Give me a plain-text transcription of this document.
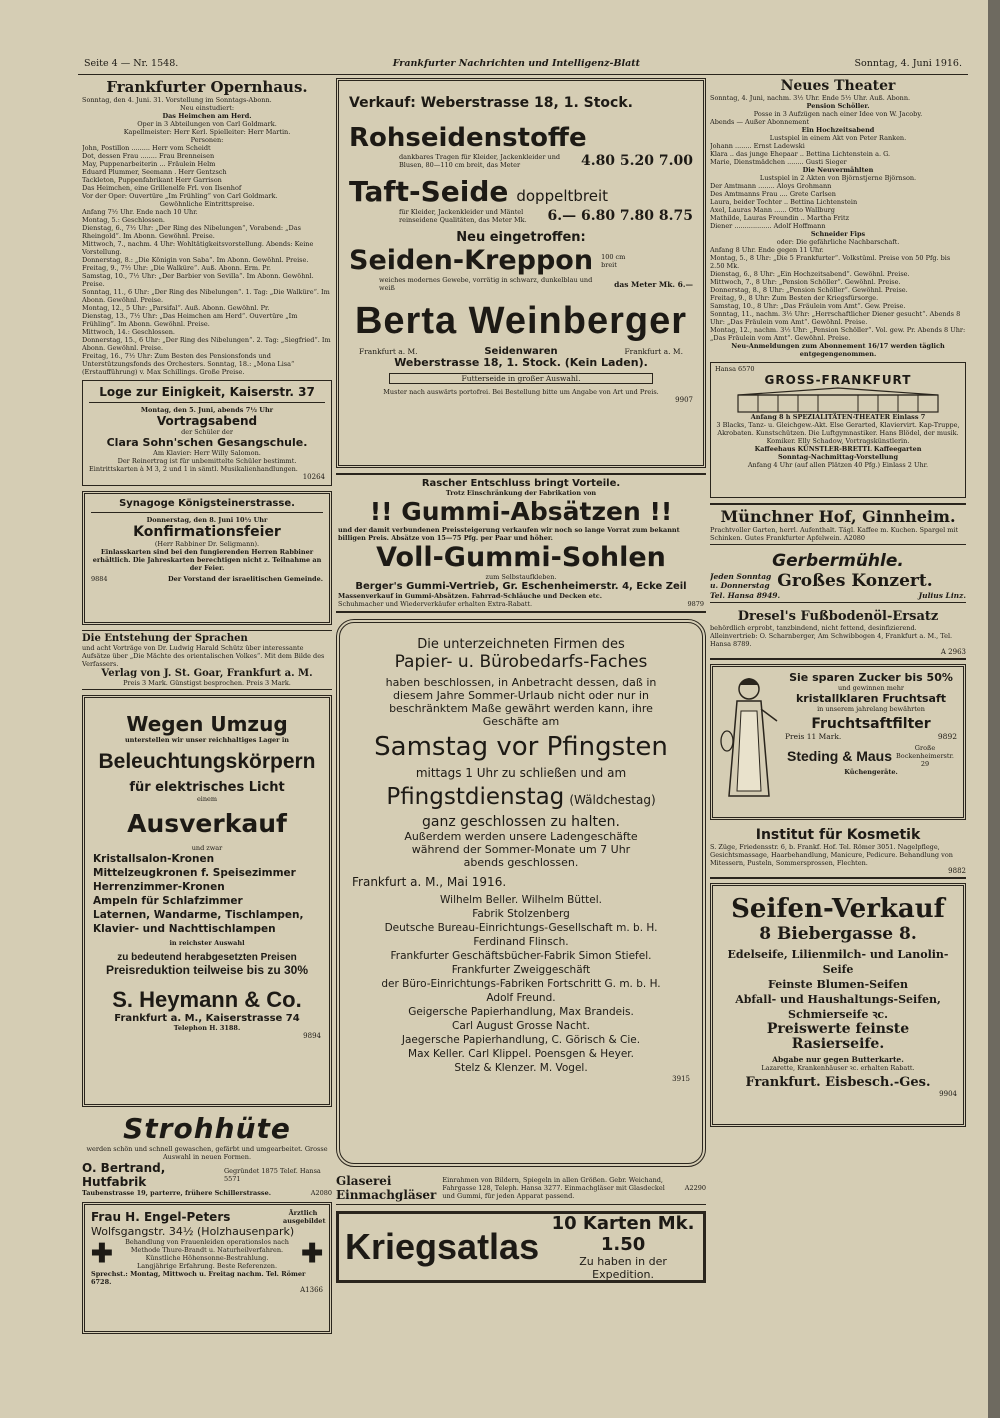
Seite 4 — Nr. 1548.	Frankfurter Nachrichten und Intelligenz-Blatt	Sonntag, 4. Juni 1916.
Frankfurter Opernhaus.
Sonntag, den 4. Juni. 31. Vorstellung im Sonntags-Abonn.
Neu einstudiert:
Das Heimchen am Herd.
Oper in 3 Abteilungen von Carl Goldmark.
Kapellmeister: Herr Kerl. Spielleiter: Herr Martin.
Personen:
John, Postillon ......... Herr vom Scheidt
Dot, dessen Frau ........ Frau Brenneisen
May, Puppenarbeiterin ... Fräulein Helm
Eduard Plummer, Seemann . Herr Gentzsch
Tackleton, Puppenfabrikant Herr Garrison
Das Heimchen, eine Grillenelfe Frl. von Ilsenhof
Vor der Oper: Ouvertüre „Im Frühling“ von Carl Goldmark.
Gewöhnliche Eintrittspreise.
Anfang 7½ Uhr. Ende nach 10 Uhr.
Montag, 5.: Geschlossen.
Dienstag, 6., 7½ Uhr: „Der Ring des Nibelungen“, Vorabend: „Das Rheingold“. Im Abonn. Gewöhnl. Preise.
Mittwoch, 7., nachm. 4 Uhr: Wohltätigkeitsvorstellung. Abends: Keine Vorstellung.
Donnerstag, 8.: „Die Königin von Saba“. Im Abonn. Gewöhnl. Preise.
Freitag, 9., 7½ Uhr: „Die Walküre“. Auß. Abonn. Erm. Pr.
Samstag, 10., 7½ Uhr: „Der Barbier von Sevilla“. Im Abonn. Gewöhnl. Preise.
Sonntag, 11., 6 Uhr: „Der Ring des Nibelungen“. 1. Tag: „Die Walküre“. Im Abonn. Gewöhnl. Preise.
Montag, 12., 5 Uhr: „Parsifal“. Auß. Abonn. Gewöhnl. Pr.
Dienstag, 13., 7½ Uhr: „Das Heimchen am Herd“. Ouvertüre „Im Frühling“. Im Abonn. Gewöhnl. Preise.
Mittwoch, 14.: Geschlossen.
Donnerstag, 15., 6 Uhr: „Der Ring des Nibelungen“. 2. Tag: „Siegfried“. Im Abonn. Gewöhnl. Preise.
Freitag, 16., 7½ Uhr: Zum Besten des Pensionsfonds und Unterstützungsfonds des Orchesters. Sonntag, 18.: „Mona Lisa“ (Erstaufführung) v. Max Schillings. Große Preise.
Loge zur Einigkeit, Kaiserstr. 37
Montag, den 5. Juni, abends 7½ Uhr
Vortragsabend
der Schüler der
Clara Sohn'schen Gesangschule.
Am Klavier: Herr Willy Salomon.
Der Reinertrag ist für unbemittelte Schüler bestimmt.
Eintrittskarten à M 3, 2 und 1 in sämtl. Musikalienhandlungen.
10264
Synagoge Königsteinerstrasse.
Donnerstag, den 8. Juni 10½ Uhr
Konfirmationsfeier
(Herr Rabbiner Dr. Seligmann).
Einlasskarten sind bei den fungierenden Herren Rabbiner erhältlich. Die Jahreskarten berechtigen nicht z. Teilnahme an der Feier.
9884	Der Vorstand der israelitischen Gemeinde.
Die Entstehung der Sprachen
und acht Vorträge von Dr. Ludwig Harald Schütz über interessante Aufsätze über „Die Mächte des orientalischen Volkes“. Mit dem Bilde des Verfassers.
Verlag von J. St. Goar, Frankfurt a. M.
Preis 3 Mark. Günstigst besprochen. Preis 3 Mark.
Wegen Umzug
unterstellen wir unser reichhaltiges Lager in
Beleuchtungskörpern
für elektrisches Licht
einem
Ausverkauf
und zwar
Kristallsalon-Kronen
Mittelzeugkronen f. Speisezimmer
Herrenzimmer-Kronen
Ampeln für Schlafzimmer
Laternen, Wandarme, Tischlampen, Klavier- und Nachttischlampen
in reichster Auswahl
zu bedeutend herabgesetzten Preisen
Preisreduktion teilweise bis zu 30%
S. Heymann & Co.
Frankfurt a. M., Kaiserstrasse 74
Telephon H. 3188.
9894
Strohhüte
werden schön und schnell gewaschen, gefärbt und umgearbeitet. Grosse Auswahl in neuen Formen.
O. Bertrand, Hutfabrik
Gegründet 1875 Telef. Hansa 5571
Taubenstrasse 19, parterre, frühere Schillerstrasse.	A2080
Frau H. Engel-Peters	Ärztlich ausgebildet
Wolfsgangstr. 34½ (Holzhausenpark)
✚	Behandlung von Frauenleiden operationslos nach Methode Thure-Brandt u. Naturheilverfahren.
Künstliche Höhensonne-Bestrahlung.
Langjährige Erfahrung. Beste Referenzen. ✚
Sprechst.: Montag, Mittwoch u. Freitag nachm. Tel. Römer 6728.
A1366
Verkauf: Weberstrasse 18, 1. Stock.
Rohseidenstoffe
dankbares Tragen für Kleider, Jackenkleider und Blusen, 80—110 cm breit, das Meter	4.80 5.20 7.00
Taft-Seide doppeltbreit
für Kleider, Jackenkleider und Mäntel reinseidene Qualitäten, das Meter Mk.	6.— 6.80 7.80 8.75
Neu eingetroffen:
Seiden-Kreppon 100 cm breit
weiches modernes Gewebe, vorrätig in schwarz, dunkelblau und weiß	das Meter Mk. 6.—
Berta Weinberger
Frankfurt a. M.	Seidenwaren	Frankfurt a. M.
Weberstrasse 18, 1. Stock. (Kein Laden).
Futterseide in großer Auswahl.
Muster nach auswärts portofrei. Bei Bestellung bitte um Angabe von Art und Preis.
9907
Rascher Entschluss bringt Vorteile.
Trotz Einschränkung der Fabrikation von
!! Gummi-Absätzen !!
und der damit verbundenen Preissteigerung verkaufen wir noch so lange Vorrat zum bekannt billigen Preis. Absätze von 15—75 Pfg. per Paar und höher.
Voll-Gummi-Sohlen
zum Selbstaufkleben.
Berger's Gummi-Vertrieb, Gr. Eschenheimerstr. 4, Ecke Zeil
Massenverkauf in Gummi-Absätzen. Fahrrad-Schläuche und Decken etc.
Schuhmacher und Wiederverkäufer erhalten Extra-Rabatt.	9879
Die unterzeichneten Firmen des
Papier- u. Bürobedarfs-Faches
haben beschlossen, in Anbetracht dessen, daß in diesem Jahre Sommer-Urlaub nicht oder nur in beschränktem Maße gewährt werden kann, ihre Geschäfte am
Samstag vor Pfingsten
mittags 1 Uhr zu schließen und am
Pfingstdienstag (Wäldchestag)
ganz geschlossen zu halten.
Außerdem werden unsere Ladengeschäfte während der Sommer-Monate um 7 Uhr abends geschlossen.
Frankfurt a. M., Mai 1916.
Wilhelm Beller. Wilhelm Büttel.
Fabrik Stolzenberg
Deutsche Bureau-Einrichtungs-Gesellschaft m. b. H.
Ferdinand Flinsch.
Frankfurter Geschäftsbücher-Fabrik Simon Stiefel.
Frankfurter Zweiggeschäft
der Büro-Einrichtungs-Fabriken Fortschritt G. m. b. H.
Adolf Freund.
Geigersche Papierhandlung, Max Brandeis.
Carl August Grosse Nacht.
Jaegersche Papierhandlung, C. Görisch & Cie.
Max Keller. Carl Klippel. Poensgen & Heyer.
Stelz & Klenzer. M. Vogel.
3915
Glaserei
Einmachgläser
Einrahmen von Bildern, Spiegeln in allen Größen. Gebr. Weichand, Fahrgasse 128, Teleph. Hansa 3277. Einmachgläser mit Glasdeckel und Gummi, für jeden Apparat passend.
A2290
Kriegsatlas
10 Karten Mk. 1.50
Zu haben in der Expedition.
Neues Theater
Sonntag, 4. Juni, nachm. 3½ Uhr. Ende 5½ Uhr. Auß. Abonn.
Pension Schöller.
Posse in 3 Aufzügen nach einer Idee von W. Jacoby.
Abends — Außer Abonnement
Ein Hochzeitsabend
Lustspiel in einem Akt von Peter Ranken.
Johann ........ Ernst Ladewski
Klara .. das junge Ehepaar .. Bettina Lichtenstein a. G.
Marie, Dienstmädchen ........ Gusti Sieger
Die Neuvermählten
Lustspiel in 2 Akten von Björnstjerne Björnson.
Der Amtmann ........ Aloys Grohmann
Des Amtmanns Frau .... Grete Carlsen
Laura, beider Tochter .. Bettina Lichtenstein
Axel, Lauras Mann ...... Otto Wallburg
Mathilde, Lauras Freundin .. Martha Fritz
Diener .................. Adolf Hoffmann
Schneider Fips
oder: Die gefährliche Nachbarschaft.
Anfang 8 Uhr. Ende gegen 11 Uhr.
Montag, 5., 8 Uhr: „Die 5 Frankfurter“. Volkstüml. Preise von 50 Pfg. bis 2.50 Mk.
Dienstag, 6., 8 Uhr: „Ein Hochzeitsabend“. Gewöhnl. Preise.
Mittwoch, 7., 8 Uhr: „Pension Schöller“. Gewöhnl. Preise.
Donnerstag, 8., 8 Uhr: „Pension Schöller“. Gewöhnl. Preise.
Freitag, 9., 8 Uhr: Zum Besten der Kriegsfürsorge.
Samstag, 10., 8 Uhr: „Das Fräulein vom Amt“. Gew. Preise.
Sonntag, 11., nachm. 3½ Uhr: „Herrschaftlicher Diener gesucht“. Abends 8 Uhr: „Das Fräulein vom Amt“. Gewöhnl. Preise.
Montag, 12., nachm. 3½ Uhr: „Pension Schöller“. Vol. gew. Pr. Abends 8 Uhr: „Das Fräulein vom Amt“. Gewöhnl. Preise.
Neu-Anmeldungen zum Abonnement 16/17 werden täglich entgegengenommen.
Hansa 6570
GROSS-FRANKFURT
Anfang 8 h SPEZIALITÄTEN-THEATER Einlass 7
3 Blacks, Tanz- u. Gleichgew.-Akt. Else Gerarted, Klaviervirt. Kap-Truppe, Akrobaten. Kunstschützen. Die Luftgymnastiker. Hans Blödel, der musik. Komiker. Elly Schadow, Vortragskünstlerin.
Kaffeehaus KÜNSTLER-BRETTL Kaffeegarten
Sonntag-Nachmittag-Vorstellung
Anfang 4 Uhr (auf allen Plätzen 40 Pfg.) Einlass 2 Uhr.
Münchner Hof, Ginnheim.
Prachtvoller Garten, herrl. Aufenthalt. Tägl. Kaffee m. Kuchen. Spargel mit Schinken. Gutes Frankfurter Apfelwein. A2080
Gerbermühle.
Jeden Sonntag
u. Donnerstag Großes Konzert.
Tel. Hansa 8949.	Julius Linz.
Dresel's Fußbodenöl-Ersatz
behördlich erprobt, tanzbindend, nicht fettend, desinfizierend. Alleinvertrieb: O. Scharnberger, Am Schwibbogen 4, Frankfurt a. M., Tel. Hansa 8789.
A 2963
Sie sparen Zucker bis 50%
und gewinnen mehr
kristallklaren Fruchtsaft
in unserem jahrelang bewährten
Fruchtsaftfilter
Preis 11 Mark.	9892
Steding & Maus	Große Bockenheimerstr. 29
Küchengeräte.
Institut für Kosmetik
S. Züge, Friedensstr. 6, b. Frankf. Hof. Tel. Römer 3051. Nagelpflege, Gesichtsmassage, Haarbehandlung, Manicure, Pedicure. Behandlung von Mitessern, Pusteln, Sommersprossen, Flechten.
9882
Seifen-Verkauf
8 Biebergasse 8.
Edelseife, Lilienmilch- und Lanolin-Seife
Feinste Blumen-Seifen
Abfall- und Haushaltungs-Seifen, Schmierseife ꝛc.
Preiswerte feinste Rasierseife.
Abgabe nur gegen Butterkarte.
Lazarette, Krankenhäuser ꝛc. erhalten Rabatt.
Frankfurt. Eisbesch.-Ges.
9904
